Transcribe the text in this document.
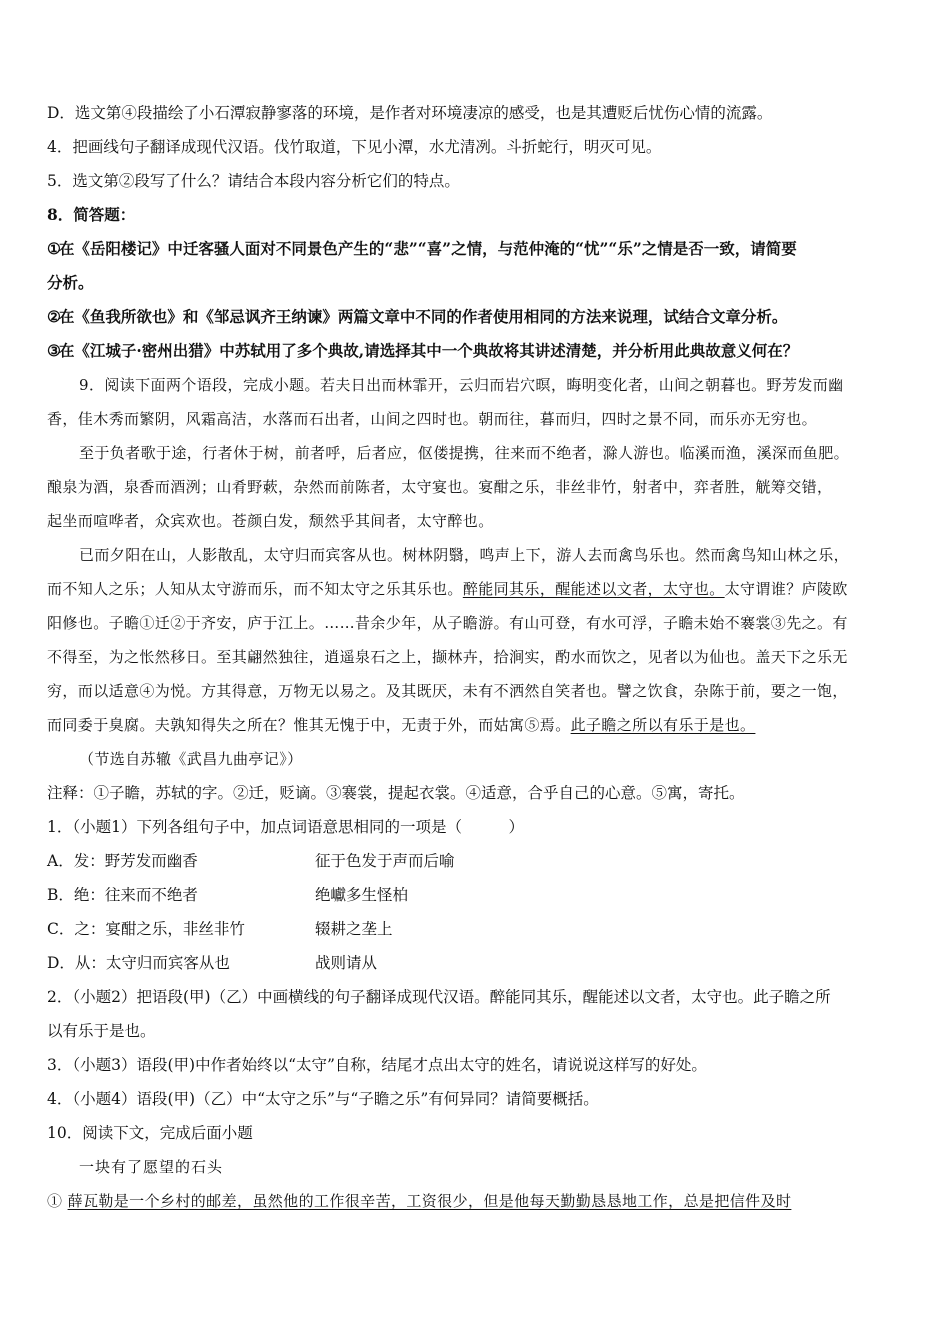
D．选文第④段描绘了小石潭寂静寥落的环境，是作者对环境凄凉的感受，也是其遭贬后忧伤心情的流露。
4．把画线句子翻译成现代汉语。伐竹取道，下见小潭，水尤清冽。斗折蛇行，明灭可见。
5．选文第②段写了什么？请结合本段内容分析它们的特点。
8．简答题：
①在《岳阳楼记》中迁客骚人面对不同景色产生的“悲”“喜”之情，与范仲淹的“忧”“乐”之情是否一致，请简要
分析。
②在《鱼我所欲也》和《邹忌讽齐王纳谏》两篇文章中不同的作者使用相同的方法来说理，试结合文章分析。
③在《江城子·密州出猎》中苏轼用了多个典故,请选择其中一个典故将其讲述清楚，并分析用此典故意义何在？
9．阅读下面两个语段，完成小题。若夫日出而林霏开，云归而岩穴暝，晦明变化者，山间之朝暮也。野芳发而幽
香，佳木秀而繁阴，风霜高洁，水落而石出者，山间之四时也。朝而往，暮而归，四时之景不同，而乐亦无穷也。
至于负者歌于途，行者休于树，前者呼，后者应，伛偻提携，往来而不绝者，滁人游也。临溪而渔，溪深而鱼肥。
酿泉为酒，泉香而酒洌；山肴野蔌，杂然而前陈者，太守宴也。宴酣之乐，非丝非竹，射者中，弈者胜，觥筹交错，
起坐而喧哗者，众宾欢也。苍颜白发，颓然乎其间者，太守醉也。
已而夕阳在山，人影散乱，太守归而宾客从也。树林阴翳，鸣声上下，游人去而禽鸟乐也。然而禽鸟知山林之乐，
而不知人之乐；人知从太守游而乐，而不知太守之乐其乐也。醉能同其乐，醒能述以文者，太守也。太守谓谁？庐陵欧
阳修也。子瞻①迁②于齐安，庐于江上。……昔余少年，从子瞻游。有山可登，有水可浮，子瞻未始不褰裳③先之。有
不得至，为之怅然移日。至其翩然独往，逍遥泉石之上，撷林卉，拾涧实，酌水而饮之，见者以为仙也。盖天下之乐无
穷，而以适意④为悦。方其得意，万物无以易之。及其既厌，未有不洒然自笑者也。譬之饮食，杂陈于前，要之一饱，
而同委于臭腐。夫孰知得失之所在？惟其无愧于中，无责于外，而姑寓⑤焉。此子瞻之所以有乐于是也。
（节选自苏辙《武昌九曲亭记》）
注释：①子瞻，苏轼的字。②迁，贬谪。③褰裳，提起衣裳。④适意，合乎自己的心意。⑤寓，寄托。
1．（小题1）下列各组句子中，加点词语意思相同的一项是（　　　）
A．发：野芳发而幽香	征于色发于声而后喻
B．绝：往来而不绝者	绝巘多生怪柏
C．之：宴酣之乐，非丝非竹	辍耕之垄上
D．从：太守归而宾客从也	战则请从
2．（小题2）把语段(甲)（乙）中画横线的句子翻译成现代汉语。醉能同其乐，醒能述以文者，太守也。此子瞻之所
以有乐于是也。
3．（小题3）语段(甲)中作者始终以“太守”自称，结尾才点出太守的姓名，请说说这样写的好处。
4．（小题4）语段(甲)（乙）中“太守之乐”与“子瞻之乐”有何异同？请简要概括。
10．阅读下文，完成后面小题
一块有了愿望的石头
① 薛瓦勒是一个乡村的邮差，虽然他的工作很辛苦，工资很少，但是他每天勤勤恳恳地工作，总是把信件及时
